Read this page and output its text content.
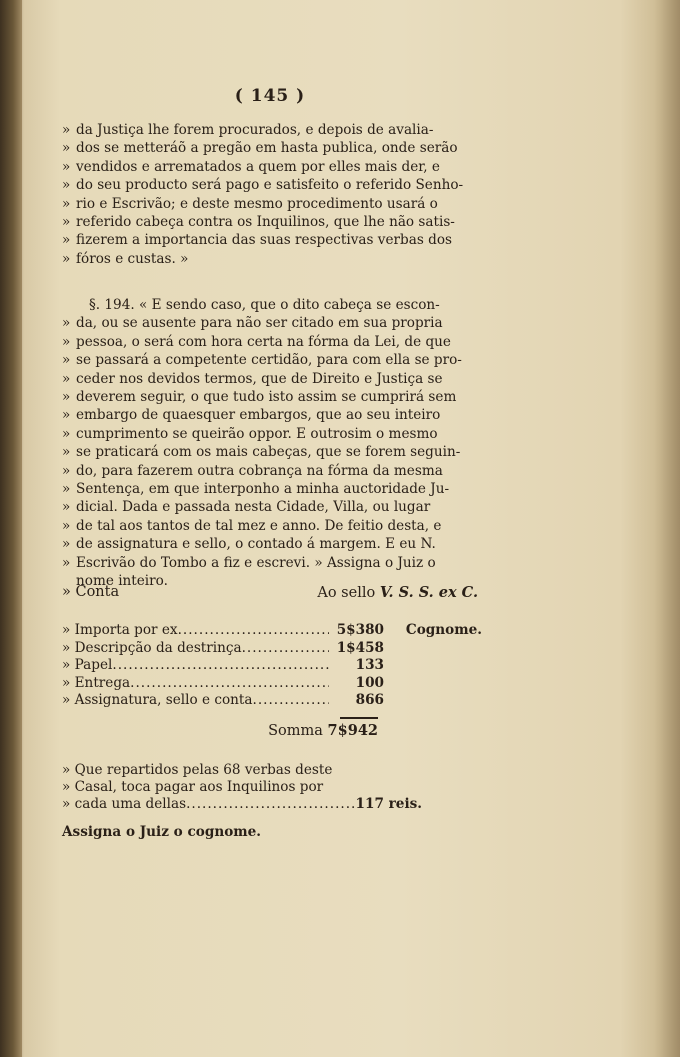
( 145 )
» da Justiça lhe forem procurados, e depois de avalia-
» dos se metteráõ a pregão em hasta publica, onde serão
» vendidos e arrematados a quem por elles mais der, e
» do seu producto será pago e satisfeito o referido Senho-
» rio e Escrivão; e deste mesmo procedimento usará o
» referido cabeça contra os Inquilinos, que lhe não satis-
» fizerem a importancia das suas respectivas verbas dos
» fóros e custas. »
§. 194. « E sendo caso, que o dito cabeça se escon-
» da, ou se ausente para não ser citado em sua propria
» pessoa, o será com hora certa na fórma da Lei, de que
» se passará a competente certidão, para com ella se pro-
» ceder nos devidos termos, que de Direito e Justiça se
» deverem seguir, o que tudo isto assim se cumprirá sem
» embargo de quaesquer embargos, que ao seu inteiro
» cumprimento se queirão oppor. E outrosim o mesmo
» se praticará com os mais cabeças, que se forem seguin-
» do, para fazerem outra cobrança na fórma da mesma
» Sentença, em que interponho a minha auctoridade Ju-
» dicial. Dada e passada nesta Cidade, Villa, ou lugar
» de tal aos tantos de tal mez e anno. De feitio desta, e
» de assignatura e sello, o contado á margem. E eu N.
» Escrivão do Tombo a fiz e escrevi. » Assigna o Juiz o
nome inteiro.
» Conta	Ao sello V. S. S. ex C.
» Importa por ex .....	5$380	Cognome.
» Descripção da destrinça .....	1$458
» Papel .....	133
» Entrega .....	100
» Assignatura, sello e conta .....	866
Somma 7$942
» Que repartidos pelas 68 verbas deste
» Casal, toca pagar aos Inquilinos por
» cada uma dellas .....	117 reis.
Assigna o Juiz o cognome.
